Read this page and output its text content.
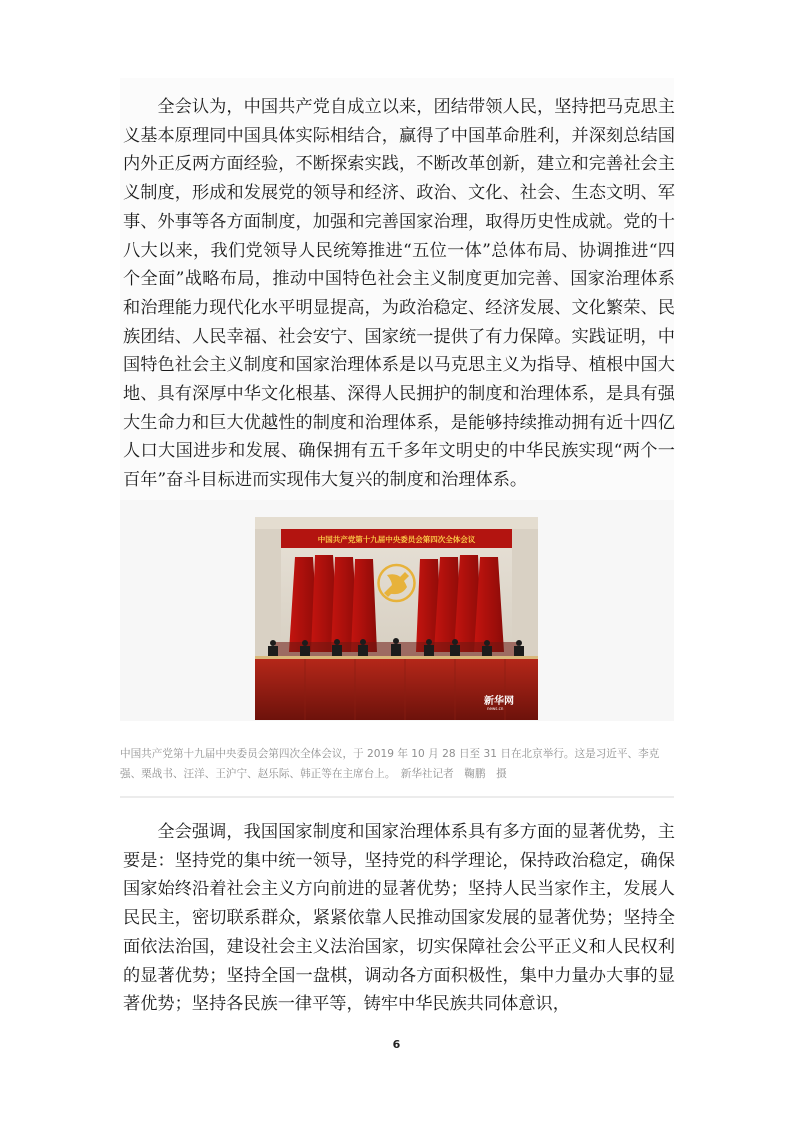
全会认为，中国共产党自成立以来，团结带领人民，坚持把马克思主义基本原理同中国具体实际相结合，赢得了中国革命胜利，并深刻总结国内外正反两方面经验，不断探索实践，不断改革创新，建立和完善社会主义制度，形成和发展党的领导和经济、政治、文化、社会、生态文明、军事、外事等各方面制度，加强和完善国家治理，取得历史性成就。党的十八大以来，我们党领导人民统筹推进“五位一体”总体布局、协调推进“四个全面”战略布局，推动中国特色社会主义制度更加完善、国家治理体系和治理能力现代化水平明显提高，为政治稳定、经济发展、文化繁荣、民族团结、人民幸福、社会安宁、国家统一提供了有力保障。实践证明，中国特色社会主义制度和国家治理体系是以马克思主义为指导、植根中国大地、具有深厚中华文化根基、深得人民拥护的制度和治理体系，是具有强大生命力和巨大优越性的制度和治理体系，是能够持续推动拥有近十四亿人口大国进步和发展、确保拥有五千多年文明史的中华民族实现“两个一百年”奋斗目标进而实现伟大复兴的制度和治理体系。

中国共产党第十九届中央委员会第四次全体会议
新华网
news.cn

中国共产党第十九届中央委员会第四次全体会议，于 2019 年 10 月 28 日至 31 日在北京举行。这是习近平、李克强、栗战书、汪洋、王沪宁、赵乐际、韩正等在主席台上。　新华社记者　鞠鹏　摄

全会强调，我国国家制度和国家治理体系具有多方面的显著优势，主要是：坚持党的集中统一领导，坚持党的科学理论，保持政治稳定，确保国家始终沿着社会主义方向前进的显著优势；坚持人民当家作主，发展人民民主，密切联系群众，紧紧依靠人民推动国家发展的显著优势；坚持全面依法治国，建设社会主义法治国家，切实保障社会公平正义和人民权利的显著优势；坚持全国一盘棋，调动各方面积极性，集中力量办大事的显著优势；坚持各民族一律平等，铸牢中华民族共同体意识，

6
